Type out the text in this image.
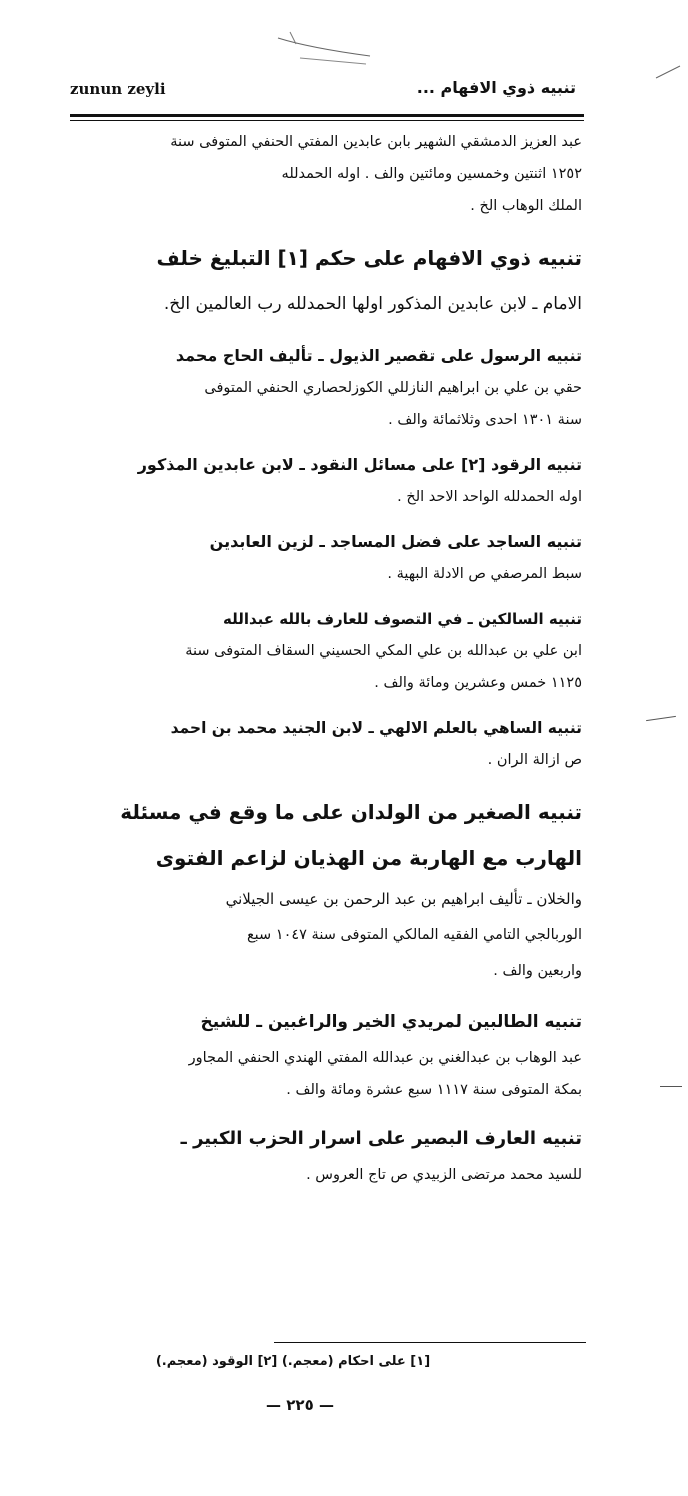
zunun zeyli	تنبيه ذوي الافهام ...

عبد العزيز الدمشقي الشهير بابن عابدين المفتي الحنفي المتوفى سنة

١٢٥٢ اثنتين وخمسين ومائتين والف . اوله الحمدلله

الملك الوهاب الخ .

تنبيه ذوي الافهام على حكم [١] التبليغ خلف

الامام ـ لابن عابدين المذكور اولها الحمدلله رب العالمين الخ.

تنبيه الرسول على تقصير الذيول ـ تأليف الحاج محمد

حقي بن علي بن ابراهيم النازللي الكوزلحصاري الحنفي المتوفى

سنة ١٣٠١ احدى وثلاثمائة والف .

تنبيه الرقود [٢] على مسائل النقود ـ لابن عابدين المذكور

اوله الحمدلله الواحد الاحد الخ .

تنبيه الساجد على فضل المساجد ـ لزين العابدين

سبط المرصفي ص الادلة البهية .

تنبيه السالكين ـ في التصوف للعارف بالله عبدالله

ابن علي بن عبدالله بن علي المكي الحسيني السقاف المتوفى سنة

١١٢٥ خمس وعشرين ومائة والف .

تنبيه الساهي بالعلم الالهي ـ لابن الجنيد محمد بن احمد

ص ازالة الران .

تنبيه الصغير من الولدان على ما وقع في مسئلة

الهارب مع الهاربة من الهذيان لزاعم الفتوى

والخلان ـ تأليف ابراهيم بن عبد الرحمن بن عيسى الجيلاني

الوربالجي التامي الفقيه المالكي المتوفى سنة ١٠٤٧ سبع

واربعين والف .

تنبيه الطالبين لمريدي الخير والراغبين ـ للشيخ

عبد الوهاب بن عبدالغني بن عبدالله المفتي الهندي الحنفي المجاور

بمكة المتوفى سنة ١١١٧ سبع عشرة ومائة والف .

تنبيه العارف البصير على اسرار الحزب الكبير ـ

للسيد محمد مرتضى الزبيدي ص تاج العروس .

[١] على احكام (معجم.) [٢] الوقود (معجم.)
— ٢٢٥ —
